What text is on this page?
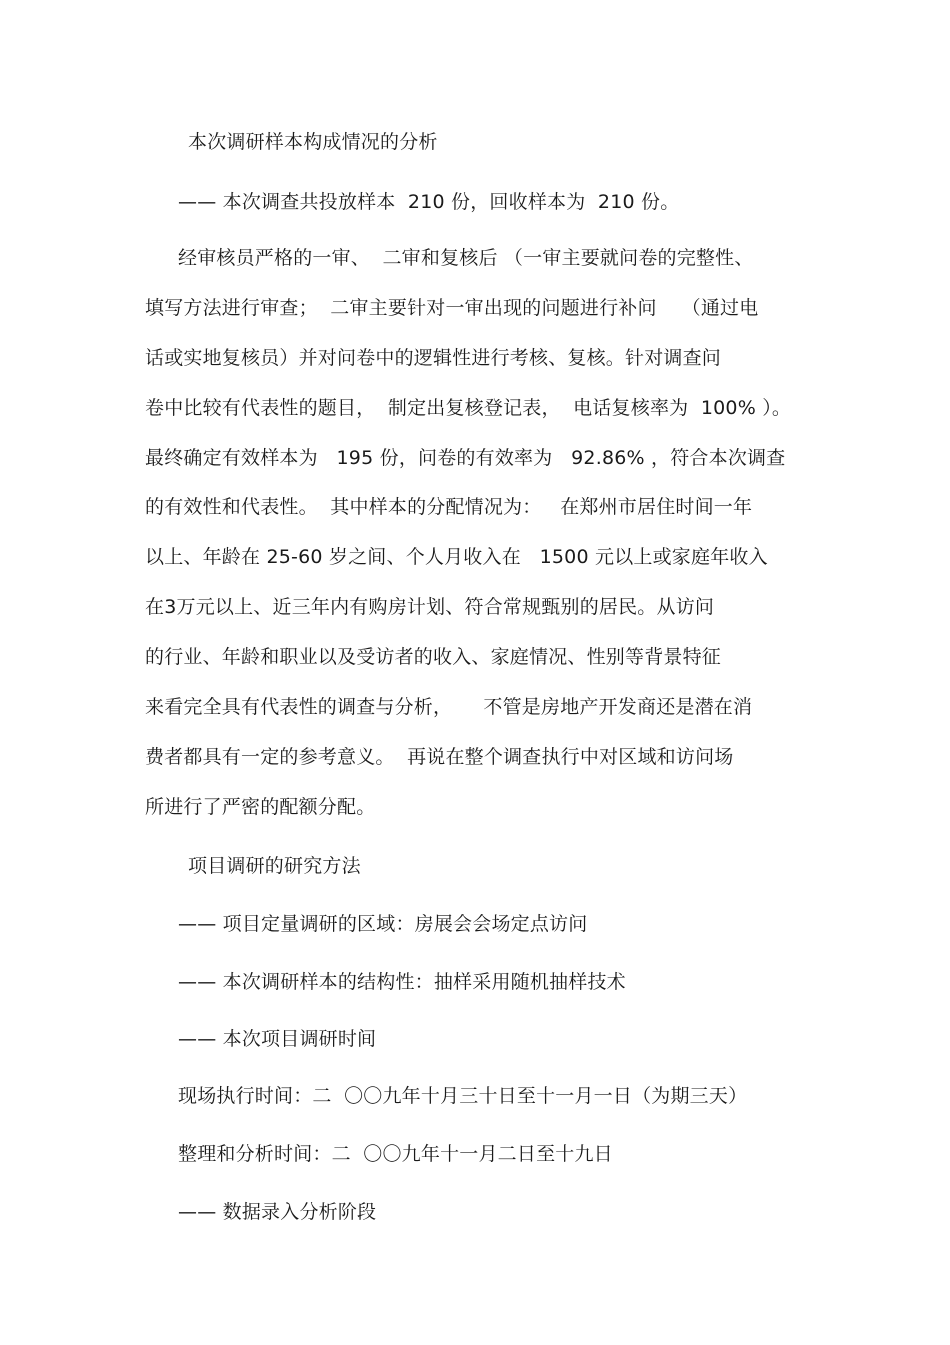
本次调研样本构成情况的分析
—— 本次调查共投放样本  210 份，回收样本为  210 份。
经审核员严格的一审、  二审和复核后 （一审主要就问卷的完整性、
填写方法进行审查；  二审主要针对一审出现的问题进行补问    （通过电
话或实地复核员）并对问卷中的逻辑性进行考核、复核。针对调查问
卷中比较有代表性的题目，  制定出复核登记表，  电话复核率为  100% ）。
最终确定有效样本为   195 份，问卷的有效率为   92.86% ，符合本次调查
的有效性和代表性。  其中样本的分配情况为：   在郑州市居住时间一年
以上、年龄在 25-60 岁之间、个人月收入在   1500 元以上或家庭年收入
在3万元以上、近三年内有购房计划、符合常规甄别的居民。从访问
的行业、年龄和职业以及受访者的收入、家庭情况、性别等背景特征
来看完全具有代表性的调查与分析，     不管是房地产开发商还是潜在消
费者都具有一定的参考意义。  再说在整个调查执行中对区域和访问场
所进行了严密的配额分配。
项目调研的研究方法
—— 项目定量调研的区域：房展会会场定点访问
—— 本次调研样本的结构性：抽样采用随机抽样技术
—— 本次项目调研时间
现场执行时间：二  〇〇九年十月三十日至十一月一日（为期三天）
整理和分析时间：二  〇〇九年十一月二日至十九日
—— 数据录入分析阶段
